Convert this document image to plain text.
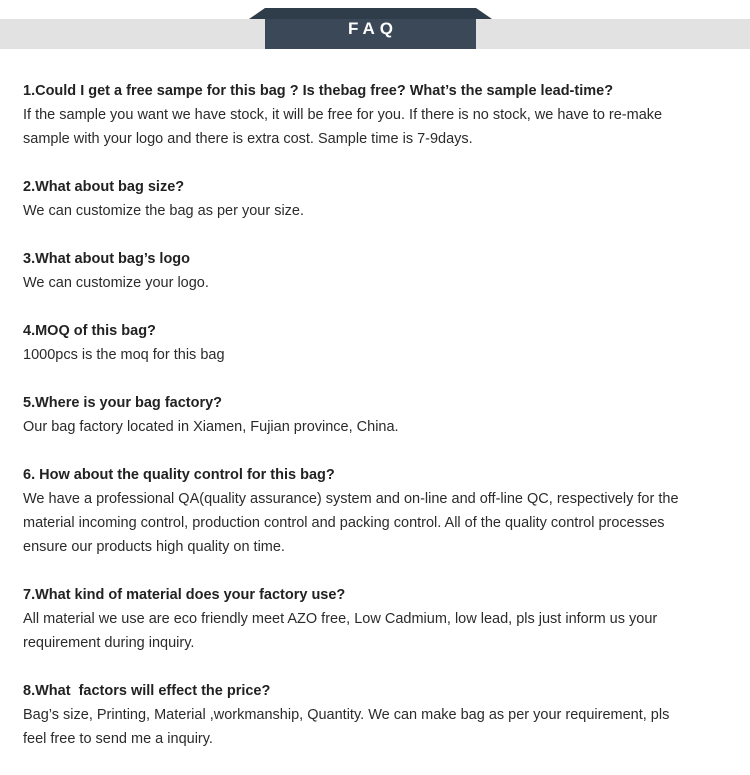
FAQ
1.Could I get a free sampe for this bag ? Is thebag free? What’s the sample lead-time?
If the sample you want we have stock, it will be free for you. If there is no stock, we have to re-make sample with your logo and there is extra cost. Sample time is 7-9days.
2.What about bag size?
We can customize the bag as per your size.
3.What about bag’s logo
We can customize your logo.
4.MOQ of this bag?
1000pcs is the moq for this bag
5.Where is your bag factory?
Our bag factory located in Xiamen, Fujian province, China.
6. How about the quality control for this bag?
We have a professional QA(quality assurance) system and on-line and off-line QC, respectively for the material incoming control, production control and packing control. All of the quality control processes ensure our products high quality on time.
7.What kind of material does your factory use?
All material we use are eco friendly meet AZO free, Low Cadmium, low lead, pls just inform us your requirement during inquiry.
8.What  factors will effect the price?
Bag’s size, Printing, Material ,workmanship, Quantity. We can make bag as per your requirement, pls feel free to send me a inquiry.
